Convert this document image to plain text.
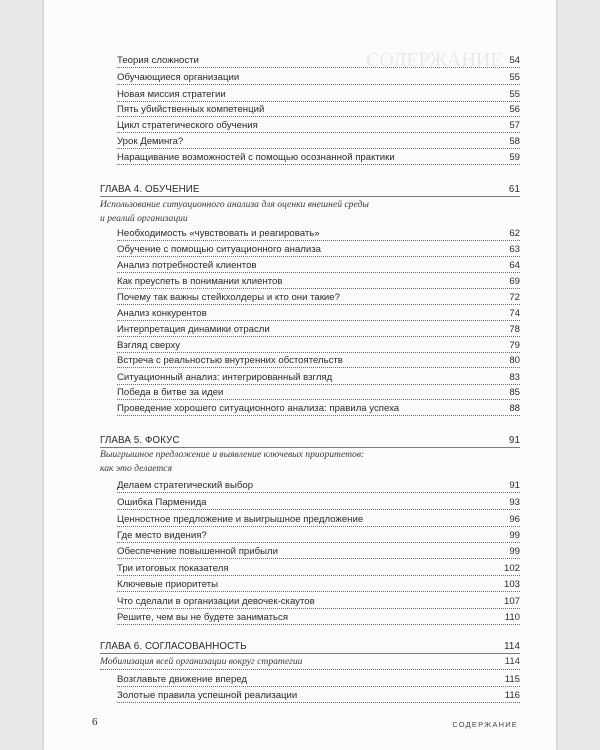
СОДЕРЖАНИЕ
Теория сложности	54
Обучающиеся организации	55
Новая миссия стратегии	55
Пять убийственных компетенций	56
Цикл стратегического обучения	57
Урок Деминга?	58
Наращивание возможностей с помощью осознанной практики	59
ГЛАВА 4. ОБУЧЕНИЕ	61
Использование ситуационного анализа для оценки внешней среды
и реалий организации
Необходимость «чувствовать и реагировать»	62
Обучение с помощью ситуационного анализа	63
Анализ потребностей клиентов	64
Как преуспеть в понимании клиентов	69
Почему так важны стейкхолдеры и кто они такие?	72
Анализ конкурентов	74
Интерпретация динамики отрасли	78
Взгляд сверху	79
Встреча с реальностью внутренних обстоятельств	80
Ситуационный анализ: интегрированный взгляд	83
Победа в битве за идеи	85
Проведение хорошего ситуационного анализа: правила успеха	88
ГЛАВА 5. ФОКУС	91
Выигрышное предложение и выявление ключевых приоритетов:
как это делается
Делаем стратегический выбор	91
Ошибка Парменида	93
Ценностное предложение и выигрышное предложение	96
Где место видения?	99
Обеспечение повышенной прибыли	99
Три итоговых показателя	102
Ключевые приоритеты	103
Что сделали в организации девочек-скаутов	107
Решите, чем вы не будете заниматься	110
ГЛАВА 6. СОГЛАСОВАННОСТЬ	114
Мобилизация всей организации вокруг стратегии	114
Возглавьте движение вперед	115
Золотые правила успешной реализации	116
6	СОДЕРЖАНИЕ
